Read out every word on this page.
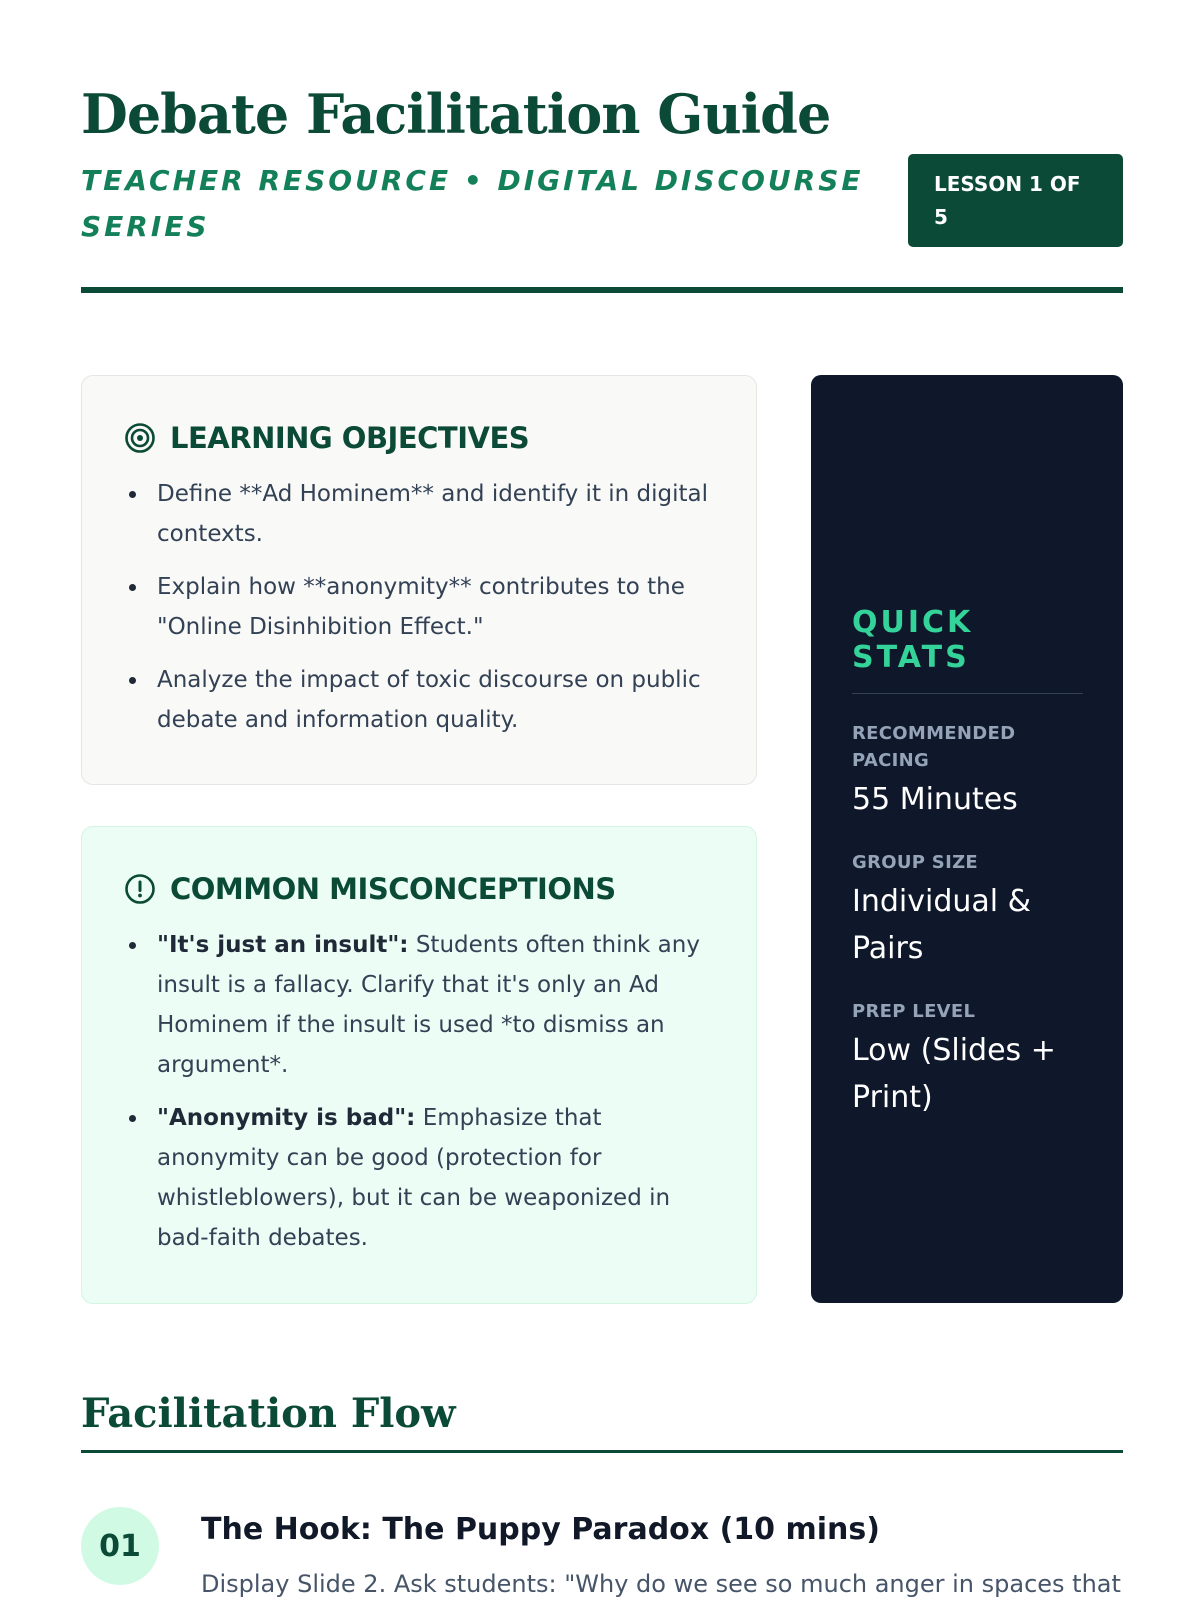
Debate Facilitation Guide
TEACHER RESOURCE • DIGITAL DISCOURSE SERIES
LESSON 1 OF 5
LEARNING OBJECTIVES
Define **Ad Hominem** and identify it in digital contexts.
Explain how **anonymity** contributes to the "Online Disinhibition Effect."
Analyze the impact of toxic discourse on public debate and information quality.
COMMON MISCONCEPTIONS
"It's just an insult": Students often think any insult is a fallacy. Clarify that it's only an Ad Hominem if the insult is used *to dismiss an argument*.
"Anonymity is bad": Emphasize that anonymity can be good (protection for whistleblowers), but it can be weaponized in bad-faith debates.
QUICK STATS
RECOMMENDED PACING
55 Minutes
GROUP SIZE
Individual & Pairs
PREP LEVEL
Low (Slides + Print)
Facilitation Flow
01	The Hook: The Puppy Paradox (10 mins)

Display Slide 2. Ask students: "Why do we see so much anger in spaces that
